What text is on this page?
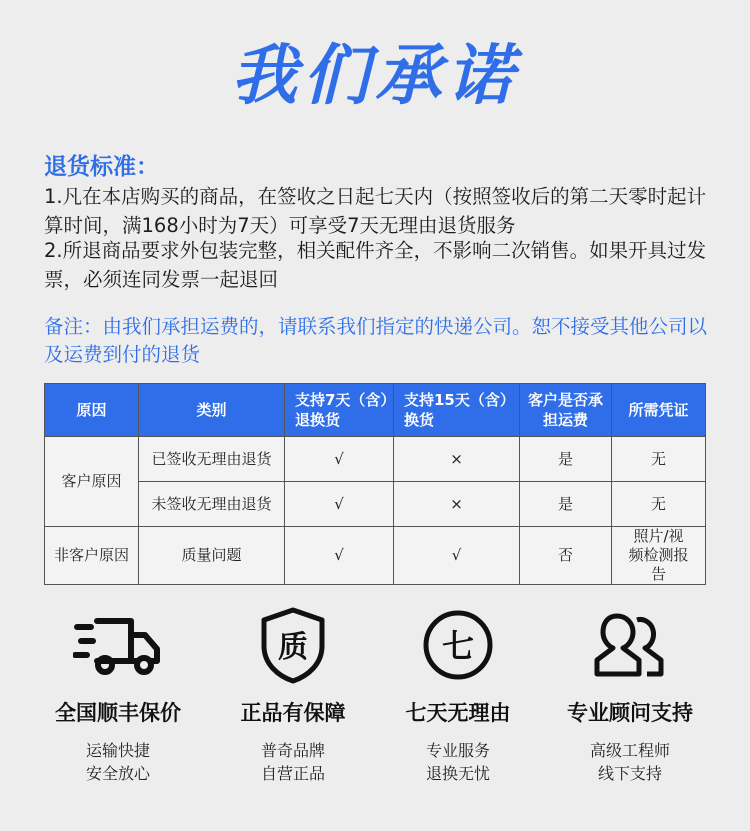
我们承诺
退货标准：
1.凡在本店购买的商品，在签收之日起七天内（按照签收后的第二天零时起计算时间，满168小时为7天）可享受7天无理由退货服务
2.所退商品要求外包装完整，相关配件齐全，不影响二次销售。如果开具过发票，必须连同发票一起退回
备注：由我们承担运费的，请联系我们指定的快递公司。恕不接受其他公司以及运费到付的退货
原因	类别	支持7天（含）退换货	支持15天（含）换货	客户是否承担运费	所需凭证
客户原因	已签收无理由退货	√	×	是	无
	未签收无理由退货	√	×	是	无
非客户原因	质量问题	√	√	否	照片/视频检测报告
全国顺丰保价
运输快捷
安全放心
质
正品有保障
普奇品牌
自营正品
七
七天无理由
专业服务
退换无忧
专业顾问支持
高级工程师
线下支持
